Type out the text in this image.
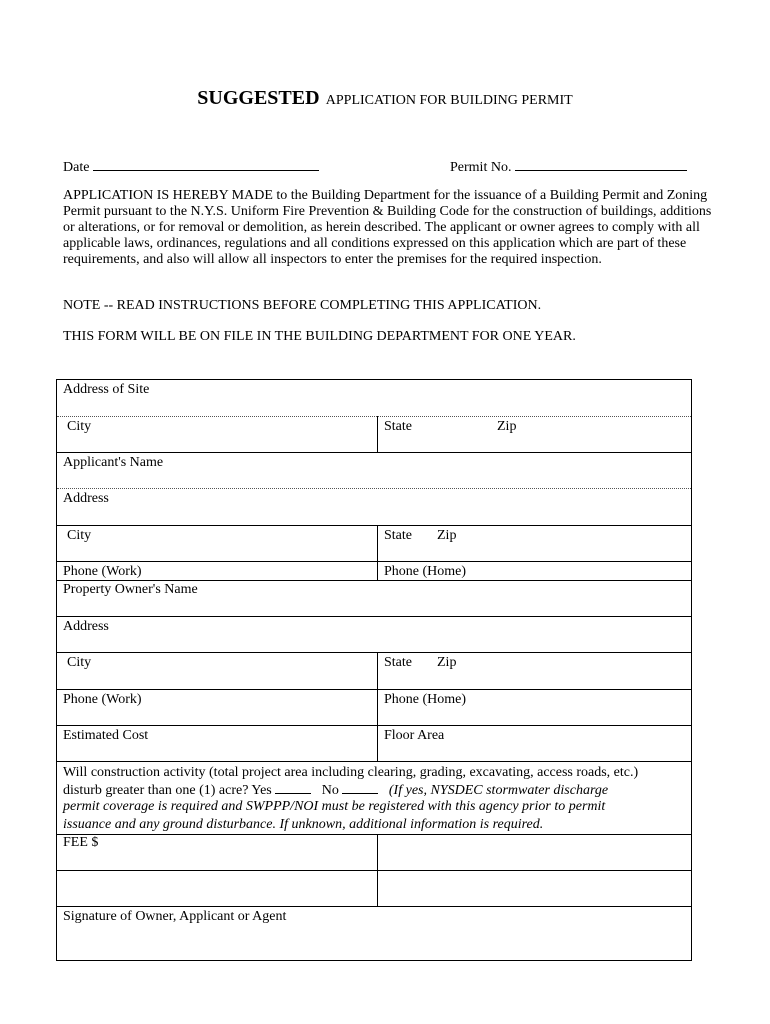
SUGGESTED APPLICATION FOR BUILDING PERMIT
Date	Permit No.
APPLICATION IS HEREBY MADE to the Building Department for the issuance of a Building Permit and Zoning Permit pursuant to the N.Y.S. Uniform Fire Prevention & Building Code for the construction of buildings, additions or alterations, or for removal or demolition, as herein described. The applicant or owner agrees to comply with all applicable laws, ordinances, regulations and all conditions expressed on this application which are part of these requirements, and also will allow all inspectors to enter the premises for the required inspection.
NOTE -- READ INSTRUCTIONS BEFORE COMPLETING THIS APPLICATION.
THIS FORM WILL BE ON FILE IN THE BUILDING DEPARTMENT FOR ONE YEAR.
Address of Site
City	State	Zip
Applicant's Name
Address
City	State Zip
Phone (Work)	Phone (Home)
Property Owner's Name
Address
City	State Zip
Phone (Work)	Phone (Home)
Estimated Cost	Floor Area
Will construction activity (total project area including clearing, grading, excavating, access roads, etc.)
disturb greater than one (1) acre? Yes	No	(If yes, NYSDEC stormwater discharge
permit coverage is required and SWPPP/NOI must be registered with this agency prior to permit
issuance and any ground disturbance. If unknown, additional information is required.
FEE $
Signature of Owner, Applicant or Agent
